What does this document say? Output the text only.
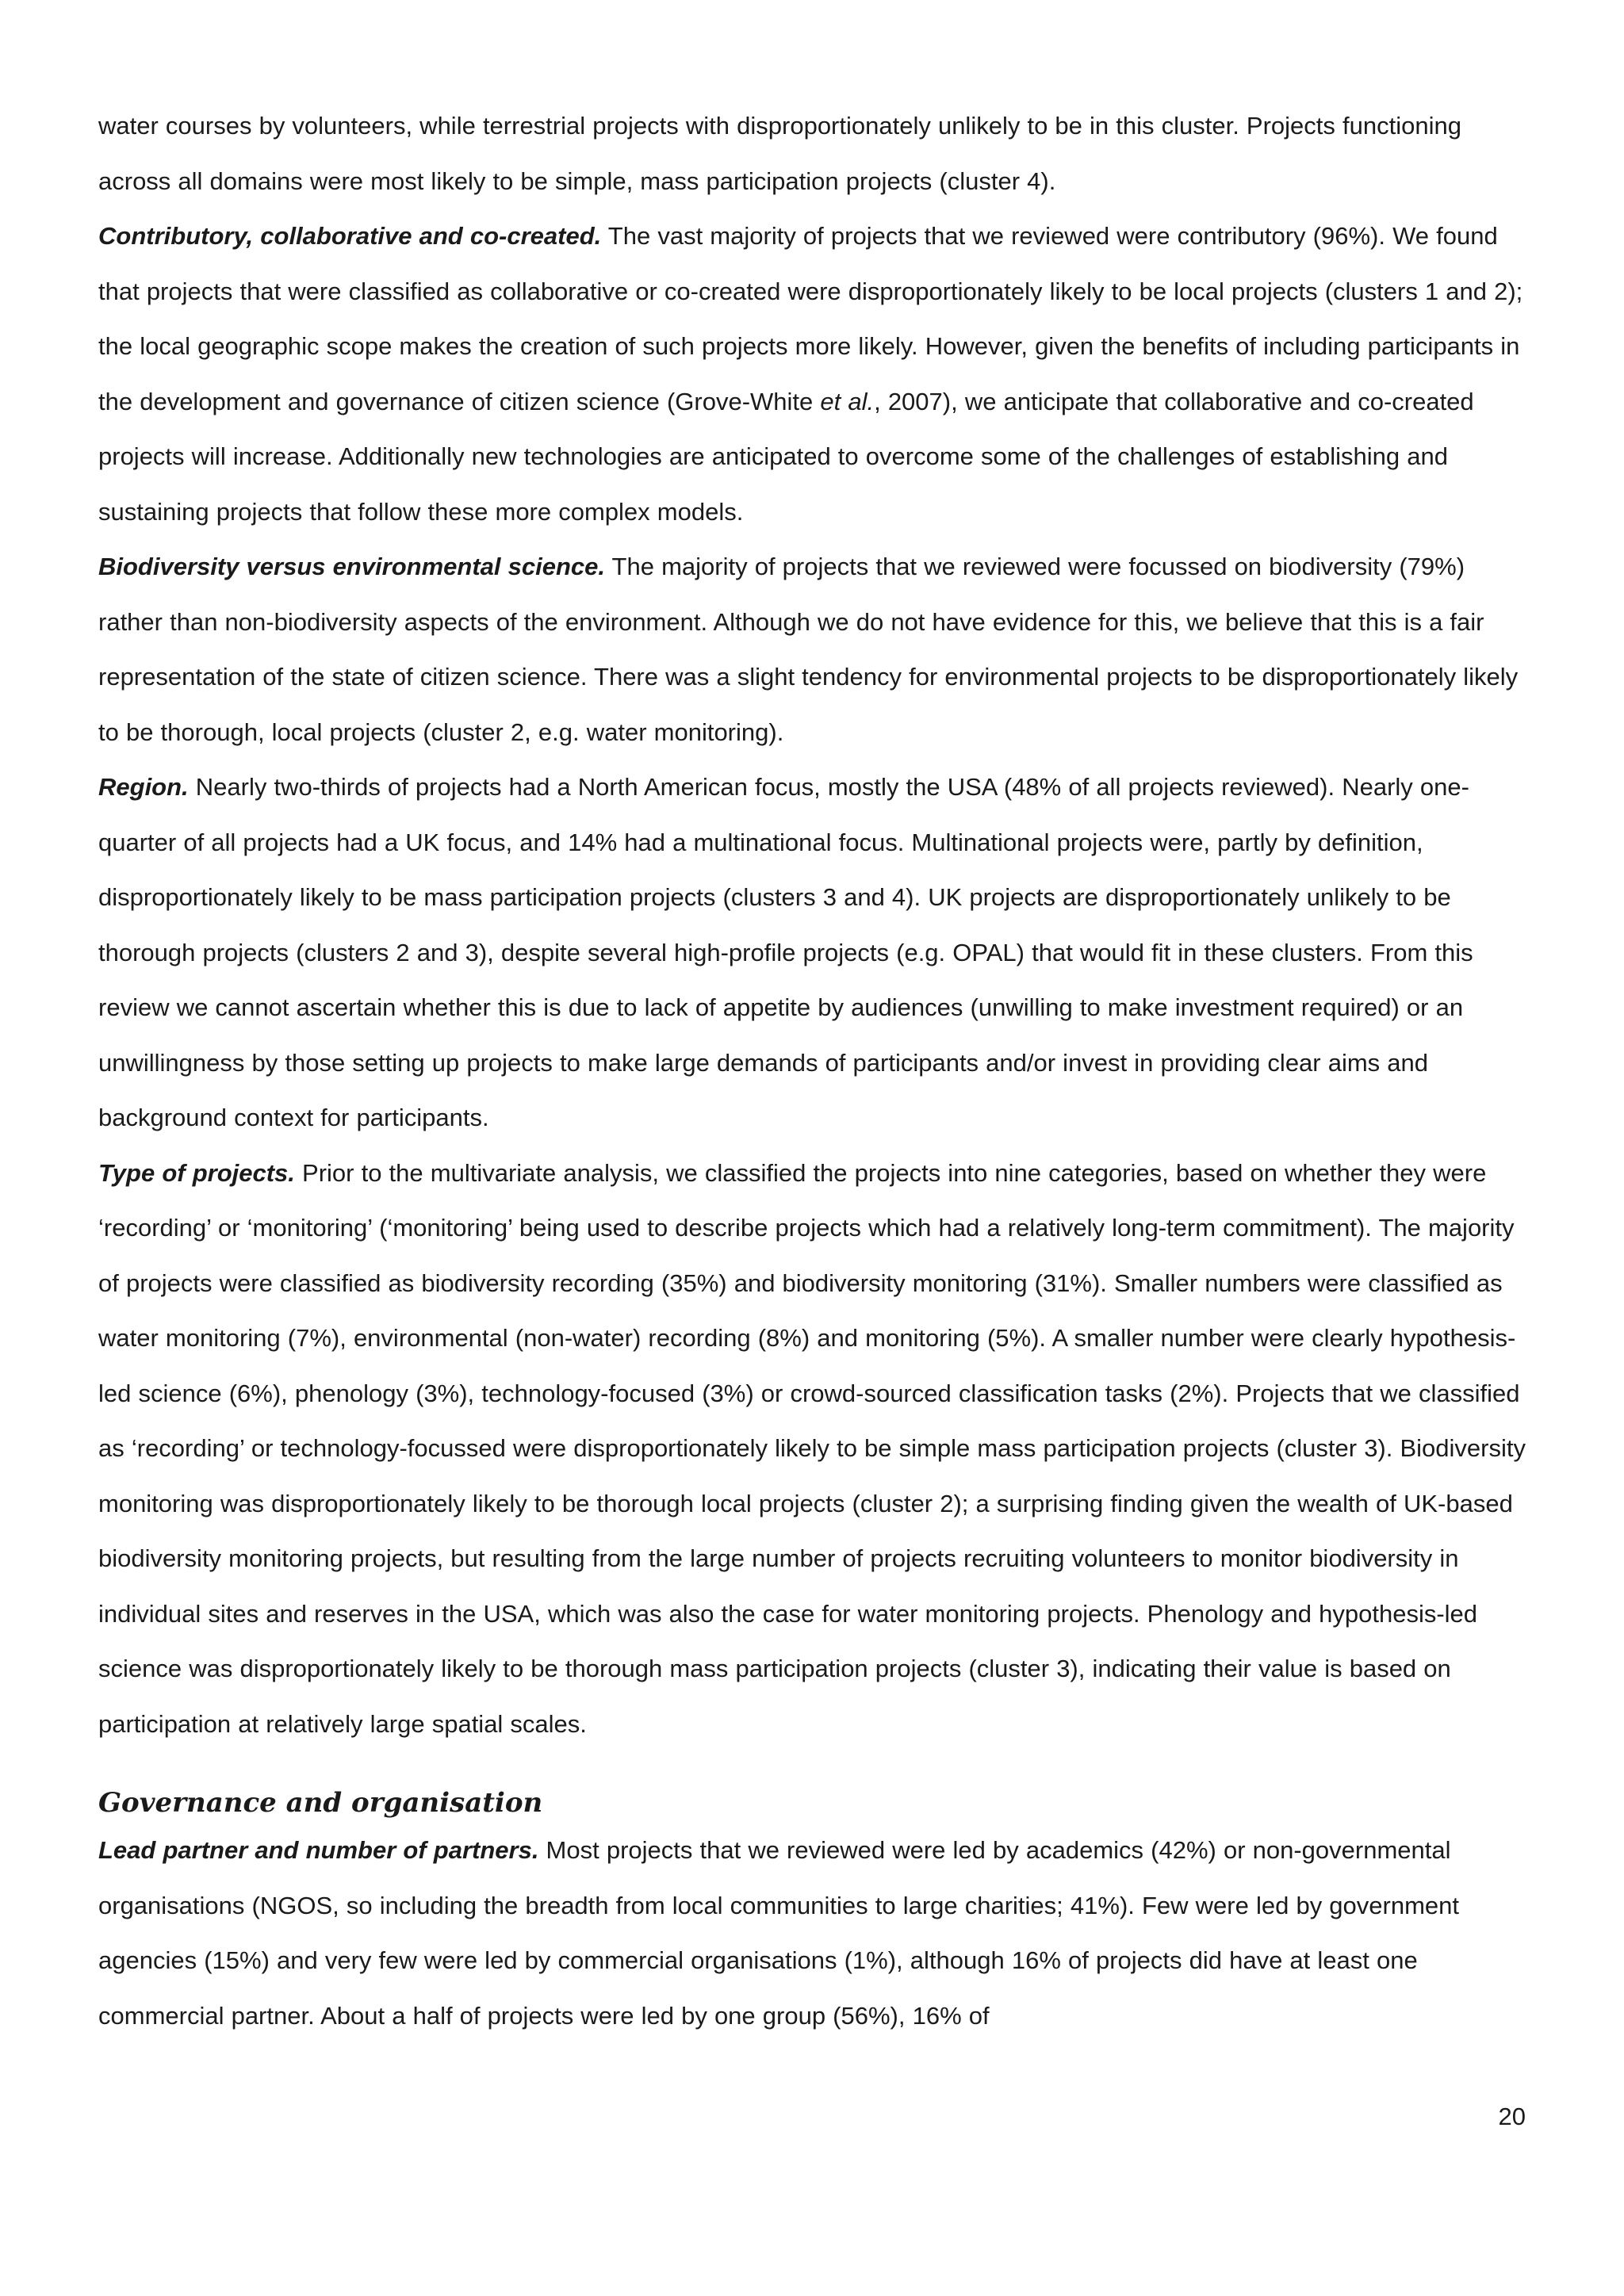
water courses by volunteers, while terrestrial projects with disproportionately unlikely to be in this cluster. Projects functioning across all domains were most likely to be simple, mass participation projects (cluster 4).

Contributory, collaborative and co-created. The vast majority of projects that we reviewed were contributory (96%). We found that projects that were classified as collaborative or co-created were disproportionately likely to be local projects (clusters 1 and 2); the local geographic scope makes the creation of such projects more likely. However, given the benefits of including participants in the development and governance of citizen science (Grove-White et al., 2007), we anticipate that collaborative and co-created projects will increase. Additionally new technologies are anticipated to overcome some of the challenges of establishing and sustaining projects that follow these more complex models.

Biodiversity versus environmental science. The majority of projects that we reviewed were focussed on biodiversity (79%) rather than non-biodiversity aspects of the environment. Although we do not have evidence for this, we believe that this is a fair representation of the state of citizen science. There was a slight tendency for environmental projects to be disproportionately likely to be thorough, local projects (cluster 2, e.g. water monitoring).

Region. Nearly two-thirds of projects had a North American focus, mostly the USA (48% of all projects reviewed). Nearly one-quarter of all projects had a UK focus, and 14% had a multinational focus. Multinational projects were, partly by definition, disproportionately likely to be mass participation projects (clusters 3 and 4). UK projects are disproportionately unlikely to be thorough projects (clusters 2 and 3), despite several high-profile projects (e.g. OPAL) that would fit in these clusters. From this review we cannot ascertain whether this is due to lack of appetite by audiences (unwilling to make investment required) or an unwillingness by those setting up projects to make large demands of participants and/or invest in providing clear aims and background context for participants.

Type of projects. Prior to the multivariate analysis, we classified the projects into nine categories, based on whether they were ‘recording’ or ‘monitoring’ (‘monitoring’ being used to describe projects which had a relatively long-term commitment). The majority of projects were classified as biodiversity recording (35%) and biodiversity monitoring (31%). Smaller numbers were classified as water monitoring (7%), environmental (non-water) recording (8%) and monitoring (5%). A smaller number were clearly hypothesis-led science (6%), phenology (3%), technology-focused (3%) or crowd-sourced classification tasks (2%). Projects that we classified as ‘recording’ or technology-focussed were disproportionately likely to be simple mass participation projects (cluster 3). Biodiversity monitoring was disproportionately likely to be thorough local projects (cluster 2); a surprising finding given the wealth of UK-based biodiversity monitoring projects, but resulting from the large number of projects recruiting volunteers to monitor biodiversity in individual sites and reserves in the USA, which was also the case for water monitoring projects. Phenology and hypothesis-led science was disproportionately likely to be thorough mass participation projects (cluster 3), indicating their value is based on participation at relatively large spatial scales.

Governance and organisation

Lead partner and number of partners. Most projects that we reviewed were led by academics (42%) or non-governmental organisations (NGOS, so including the breadth from local communities to large charities; 41%). Few were led by government agencies (15%) and very few were led by commercial organisations (1%), although 16% of projects did have at least one commercial partner. About a half of projects were led by one group (56%), 16% of

20
